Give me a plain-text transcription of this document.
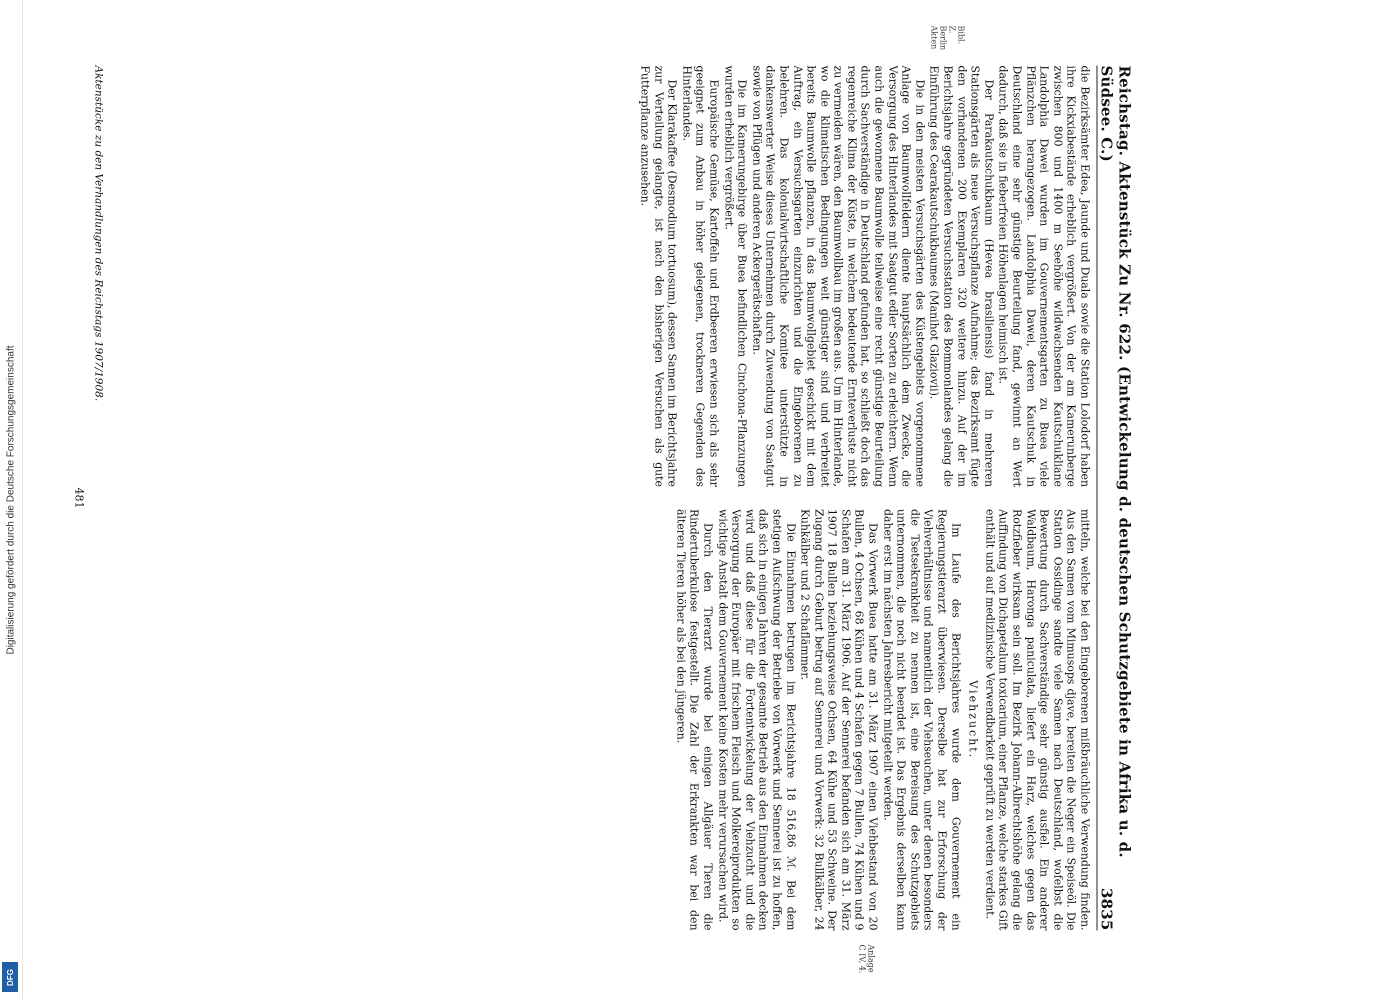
Digitalisierung gefördert durch die Deutsche Forschungsgemeinschaft
DFG
Reichstag. Aktenstück Zu Nr. 622. (Entwickelung d. deutschen Schutzgebiete in Afrika u. d. Südsee. C.)
3835

die Bezirksämter Edea, Jaunde und Duala sowie die Station Lolodorf haben ihre Kickxiabestände erheblich vergrößert. Von der am Kamerunberge zwischen 800 und 1400 m Seehöhe wildwachsenden Kautschukliane Landolphia Dawei wurden im Gouvernementsgarten zu Buea viele Pflänzchen herangezogen. Landolphia Dawei, deren Kautschuk in Deutschland eine sehr günstige Beurteilung fand, gewinnt an Wert dadurch, daß sie in fieberfreien Höhenlagen heimisch ist.

Der Parakautschukbaum (Hevea brasiliensis) fand in mehreren Stationsgärten als neue Versuchspflanze Aufnahme; das Bezirksamt fügte den vorhandenen 200 Exemplaren 320 weitere hinzu. Auf der im Berichtsjahre gegründeten Versuchsstation des Bommonlandes gelang die Einführung des Cearakautschukbaumes (Manihot Glaziovii).

Die in den meisten Versuchsgärten des Küstengebiets vorgenommene Anlage von Baumwollfeldern diente hauptsächlich dem Zwecke, die Versorgung des Hinterlandes mit Saatgut edler Sorten zu erleichtern. Wenn auch die gewonnene Baumwolle teilweise eine recht günstige Beurteilung durch Sachverständige in Deutschland gefunden hat, so schließt doch das regenreiche Klima der Küste, in welchem bedeutende Ernteverluste nicht zu vermeiden wären, den Baumwollbau im großen aus. Um im Hinterlande, wo die klimatischen Bedingungen weit günstiger sind und verbreitet bereits Baumwolle pflanzen, in das Baumwollgebiet geschickt mit dem Auftrag, ein Versuchsgarten einzurichten und die Eingeborenen zu belehren. Das kolonialwirtschaftliche Komitee unterstützte in dankenswerter Weise dieses Unternehmen durch Zuwendung von Saatgut sowie von Pflügen und anderen Ackergerätschaften.

Die im Kamerungebirge über Buea befindlichen Cinchona-Pflanzungen wurden erheblich vergrößert.

Europäische Gemüse, Kartoffeln und Erdbeeren erwiesen sich als sehr geeignet zum Anbau in höher gelegenen, trockneren Gegenden des Hinterlandes.

Der Klarakaffee (Desmodium tortuosum), dessen Samen im Berichtsjahre zur Verteilung gelangte, ist nach den bisherigen Versuchen als gute Futterpflanze anzusehen.

mitteln, welche bei den Eingeborenen mißbräuchliche Verwendung finden. Aus den Samen vom Mimusops djave, bereiten die Neger ein Speiseöl. Die Station Ossidinge sandte viele Samen nach Deutschland, wofelbst die Bewertung durch Sachverständige sehr günstig ausfiel. Ein anderer Waldbaum, Haronga paniculata, liefert ein Harz, welches gegen das Rotzfieber wirksam sein soll. Im Bezirk Johann-Albrechtshöhe gelang die Auffindung von Dichapetalum toxicarium, einer Pflanze, welche starkes Gift enthält und auf medizinische Verwendbarkeit geprüft zu werden verdient.

Viehzucht.

Im Laufe des Berichtsjahres wurde dem Gouvernement ein Regierungstierarzt überwiesen. Derselbe hat zur Erforschung der Viehverhältnisse und namentlich der Viehseuchen, unter denen besonders die Tsetsekrankheit zu nennen ist, eine Bereisung des Schutzgebiets unternommen, die noch nicht beendet ist. Das Ergebnis derselben kann daher erst im nächsten Jahresbericht mitgeteilt werden.

Das Vorwerk Buea hatte am 31. März 1907 einen Viehbestand von 20 Bullen, 4 Ochsen, 68 Kühen und 4 Schafen gegen 7 Bullen, 74 Kühen und 9 Schafen am 31. März 1906. Auf der Sennerei befanden sich am 31. März 1907 18 Bullen beziehungsweise Ochsen, 64 Kühe und 53 Schweine. Der Zugang durch Geburt betrug auf Sennerei und Vorwerk: 32 Bullkälber, 24 Kuhkälber und 2 Schaflämmer.

Die Einnahmen betrugen im Berichtsjahre 18 516,86 ℳ. Bei dem stetigen Aufschwung der Betriebe von Vorwerk und Sennerei ist zu hoffen, daß sich in einigen Jahren der gesamte Betrieb aus den Einnahmen decken wird und daß diese für die Fortentwickelung der Viehzucht und die Versorgung der Europäer mit frischem Fleisch und Molkereiprodukten so wichtige Anstalt dem Gouvernement keine Kosten mehr verursachen wird.

Durch den Tierarzt wurde bei einigen Allgäuer Tieren die Rindertuberkulose festgestellt. Die Zahl der Erkrankten war bei den älteren Tieren höher als bei den jüngeren.

Aktenstücke zu den Verhandlungen des Reichstags 1907/1908.
481
Anlage C IV, 4.
Bibl. Z. Berlin Akten
